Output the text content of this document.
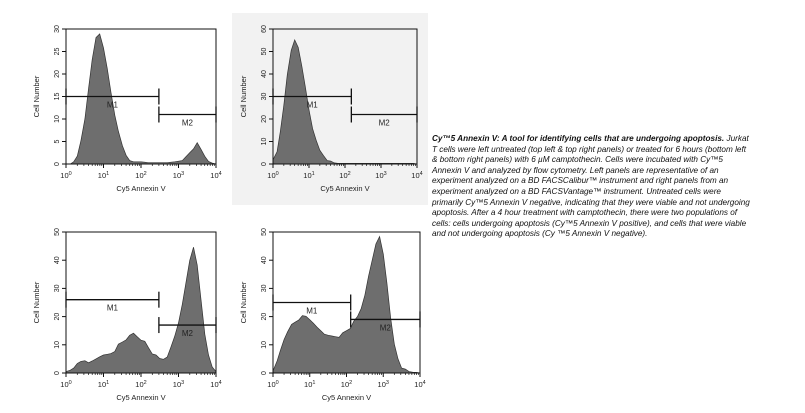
0
5
10
15
20
25
30
$10^0$	$10^1$	$10^2$	$10^3$	$10^4$
Cy5 Annexin V
Cell Number	M1
M2
0
10
20
30
40
50
60
$10^0$	$10^1$	$10^2$	$10^3$	$10^4$
Cy5 Annexin V
Cell Number	M1
M2
0
10
20
30
40
50
$10^0$	$10^1$	$10^2$	$10^3$	$10^4$
Cy5 Annexin V
Cell Number	M1
M2
0
10
20
30
40
50
$10^0$	$10^1$	$10^2$	$10^3$	$10^4$
Cy5 Annexin V
Cell Number	M1
M2
Cy™5 Annexin V: A tool for identifying cells that are undergoing apoptosis. Jurkat T cells were left untreated (top left & top right panels) or treated for 6 hours (bottom left & bottom right panels) with 6 µM camptothecin. Cells were incubated with Cy™5 Annexin V and analyzed by flow cytometry. Left panels are representative of an experiment analyzed on a BD FACSCalibur™ instrument and right panels from an experiment analyzed on a BD FACSVantage™ instrument. Untreated cells were primarily Cy™5 Annexin V negative, indicating that they were viable and not undergoing apoptosis. After a 4 hour treatment with camptothecin, there were two populations of cells: cells undergoing apoptosis (Cy™5 Annexin V positive), and cells that were viable and not undergoing apoptosis (Cy ™5 Annexin V negative).
